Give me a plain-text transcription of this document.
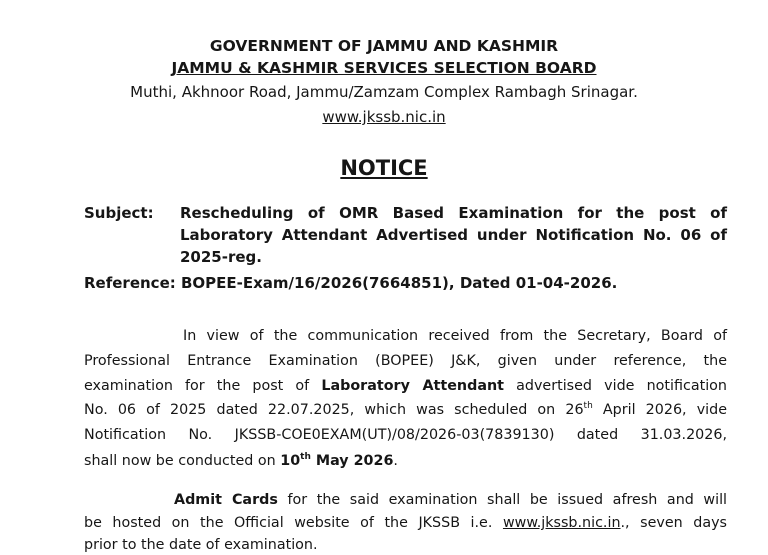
GOVERNMENT OF JAMMU AND KASHMIR
JAMMU & KASHMIR SERVICES SELECTION BOARD
Muthi, Akhnoor Road, Jammu/Zamzam Complex Rambagh Srinagar.
www.jkssb.nic.in
NOTICE
Subject: Rescheduling of OMR Based Examination for the post of
Laboratory Attendant Advertised under Notification No. 06 of
2025-reg.
Reference: BOPEE-Exam/16/2026(7664851), Dated 01-04-2026.
In view of the communication received from the Secretary, Board of
Professional Entrance Examination (BOPEE) J&K, given under reference, the
examination for the post of Laboratory Attendant advertised vide notification
No. 06 of 2025 dated 22.07.2025, which was scheduled on 26th April 2026, vide
Notification No. JKSSB-COE0EXAM(UT)/08/2026-03(7839130) dated 31.03.2026,
shall now be conducted on 10th May 2026.
Admit Cards for the said examination shall be issued afresh and will
be hosted on the Official website of the JKSSB i.e. www.jkssb.nic.in., seven days
prior to the date of examination.
